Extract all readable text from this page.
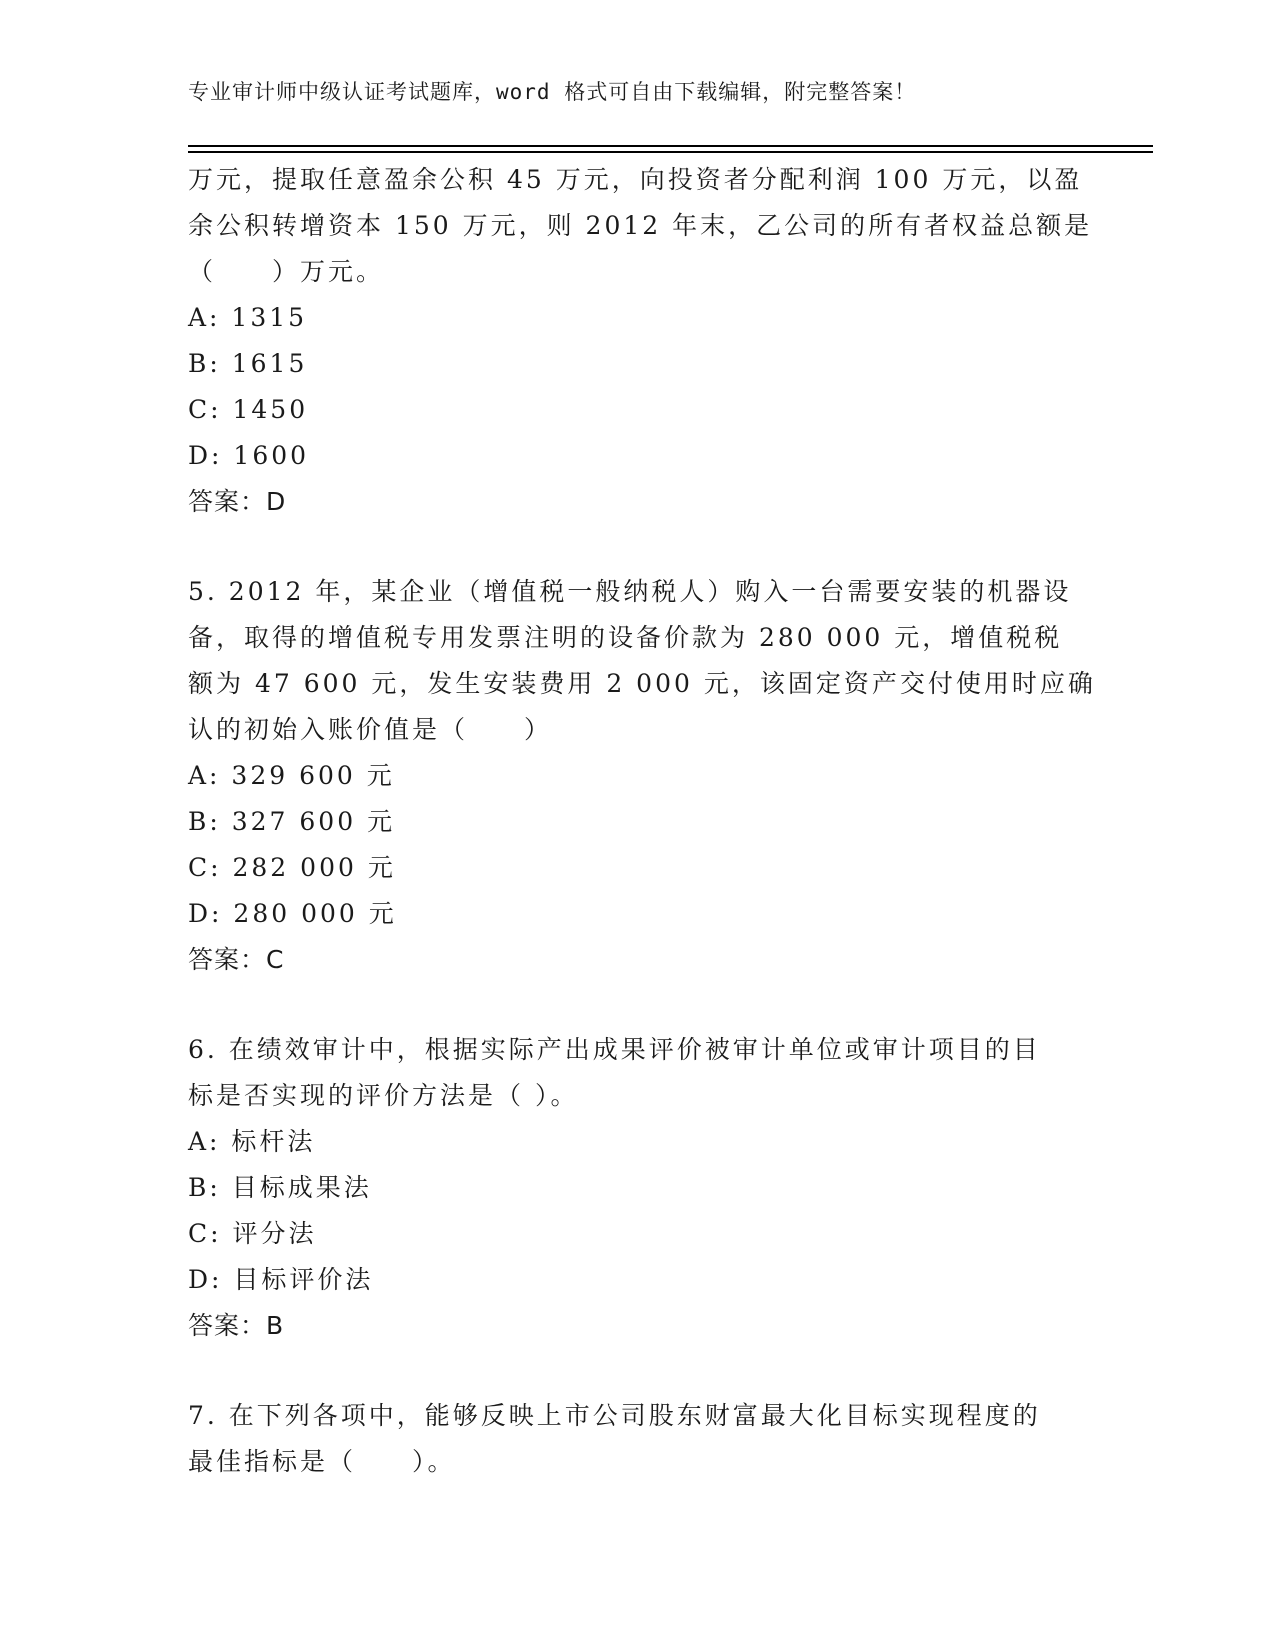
专业审计师中级认证考试题库，word 格式可自由下载编辑，附完整答案！
万元，提取任意盈余公积 45 万元，向投资者分配利润 100 万元，以盈
余公积转增资本 150 万元，则 2012 年末，乙公司的所有者权益总额是
（　　）万元。
A: 1315
B: 1615
C: 1450
D: 1600
答案：D
5. 2012 年，某企业（增值税一般纳税人）购入一台需要安装的机器设
备，取得的增值税专用发票注明的设备价款为 280 000 元，增值税税
额为 47 600 元，发生安装费用 2 000 元，该固定资产交付使用时应确
认的初始入账价值是（　　）
A: 329 600 元
B: 327 600 元
C: 282 000 元
D: 280 000 元
答案：C
6. 在绩效审计中，根据实际产出成果评价被审计单位或审计项目的目
标是否实现的评价方法是（ ）。
A: 标杆法
B: 目标成果法
C: 评分法
D: 目标评价法
答案：B
7. 在下列各项中，能够反映上市公司股东财富最大化目标实现程度的
最佳指标是（　　）。
